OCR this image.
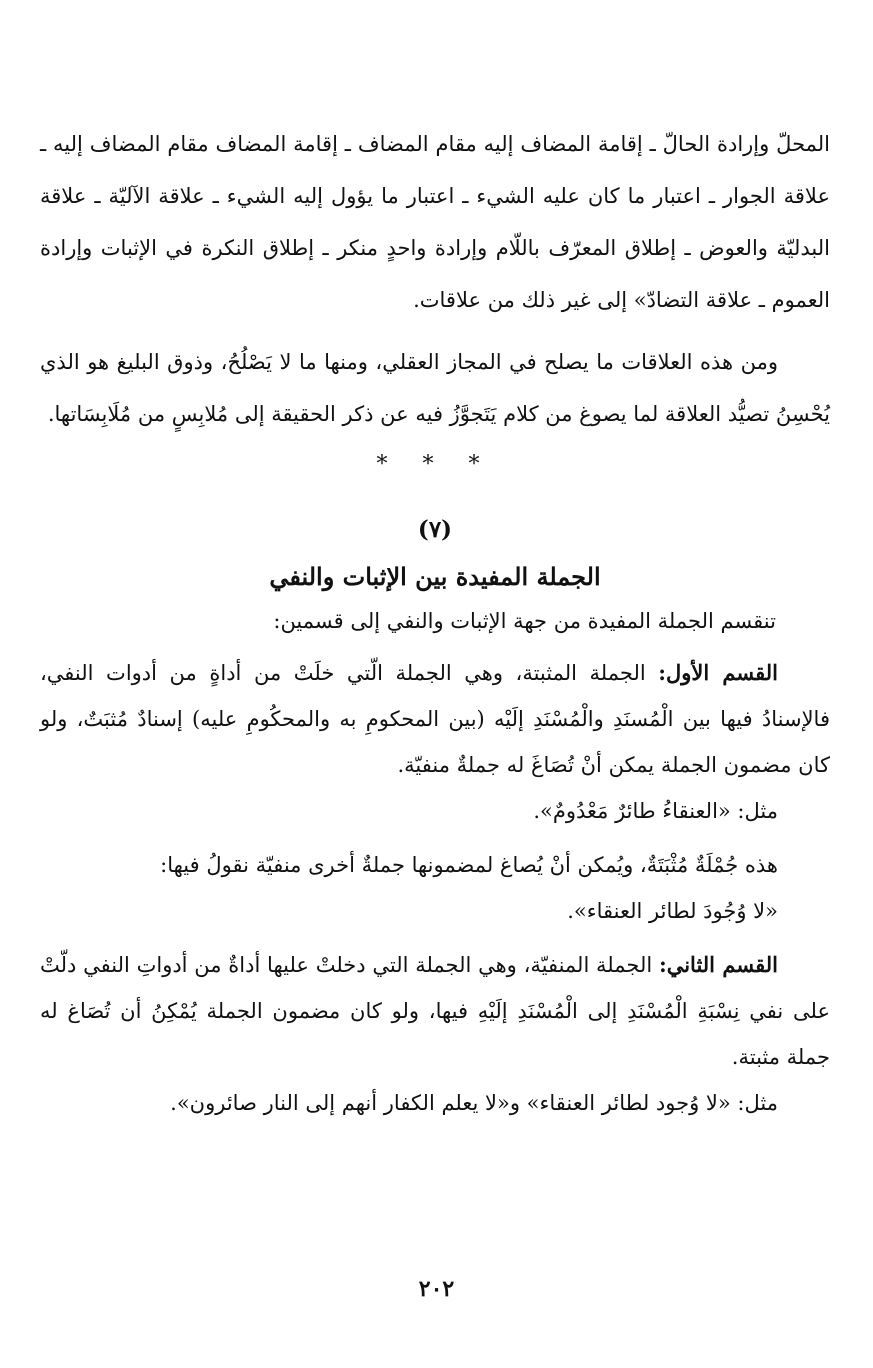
المحلّ وإرادة الحالّ ـ إقامة المضاف إليه مقام المضاف ـ إقامة المضاف مقام المضاف إليه ـ علاقة الجوار ـ اعتبار ما كان عليه الشيء ـ اعتبار ما يؤول إليه الشيء ـ علاقة الآليّة ـ علاقة البدليّة والعوض ـ إطلاق المعرّف باللّام وإرادة واحدٍ منكر ـ إطلاق النكرة في الإثبات وإرادة العموم ـ علاقة التضادّ» إلى غير ذلك من علاقات.

ومن هذه العلاقات ما يصلح في المجاز العقلي، ومنها ما لا يَصْلُحُ، وذوق البليغ هو الذي يُحْسِنُ تصيُّد العلاقة لما يصوغ من كلام يَتَجوَّزُ فيه عن ذكر الحقيقة إلى مُلابِسٍ من مُلَابِسَاتها.

* * *
(٧)
الجملة المفيدة بين الإثبات والنفي

تنقسم الجملة المفيدة من جهة الإثبات والنفي إلى قسمين:

القسم الأول: الجملة المثبتة، وهي الجملة الّتي خلَتْ من أداةٍ من أدوات النفي، فالإسنادُ فيها بين الْمُسنَدِ والْمُسْنَدِ إلَيْه (بين المحكومِ به والمحكُومِ عليه) إسنادٌ مُثبَتٌ، ولو كان مضمون الجملة يمكن أنْ تُصَاغَ له جملةٌ منفيّة.

مثل: «العنقاءُ طائرٌ مَعْدُومٌ».

هذه جُمْلَةٌ مُثْبَتَةٌ، ويُمكن أنْ يُصاغ لمضمونها جملةٌ أخرى منفيّة نقولُ فيها:

«لا وُجُودَ لطائر العنقاء».

القسم الثاني: الجملة المنفيّة، وهي الجملة التي دخلتْ عليها أداةٌ من أدواتِ النفي دلّتْ على نفي نِسْبَةِ الْمُسْنَدِ إلى الْمُسْنَدِ إلَيْهِ فيها، ولو كان مضمون الجملة يُمْكِنُ أن تُصَاغ له جملة مثبتة.

مثل: «لا وُجود لطائر العنقاء» و«لا يعلم الكفار أنهم إلى النار صائرون».

٢٠٢
